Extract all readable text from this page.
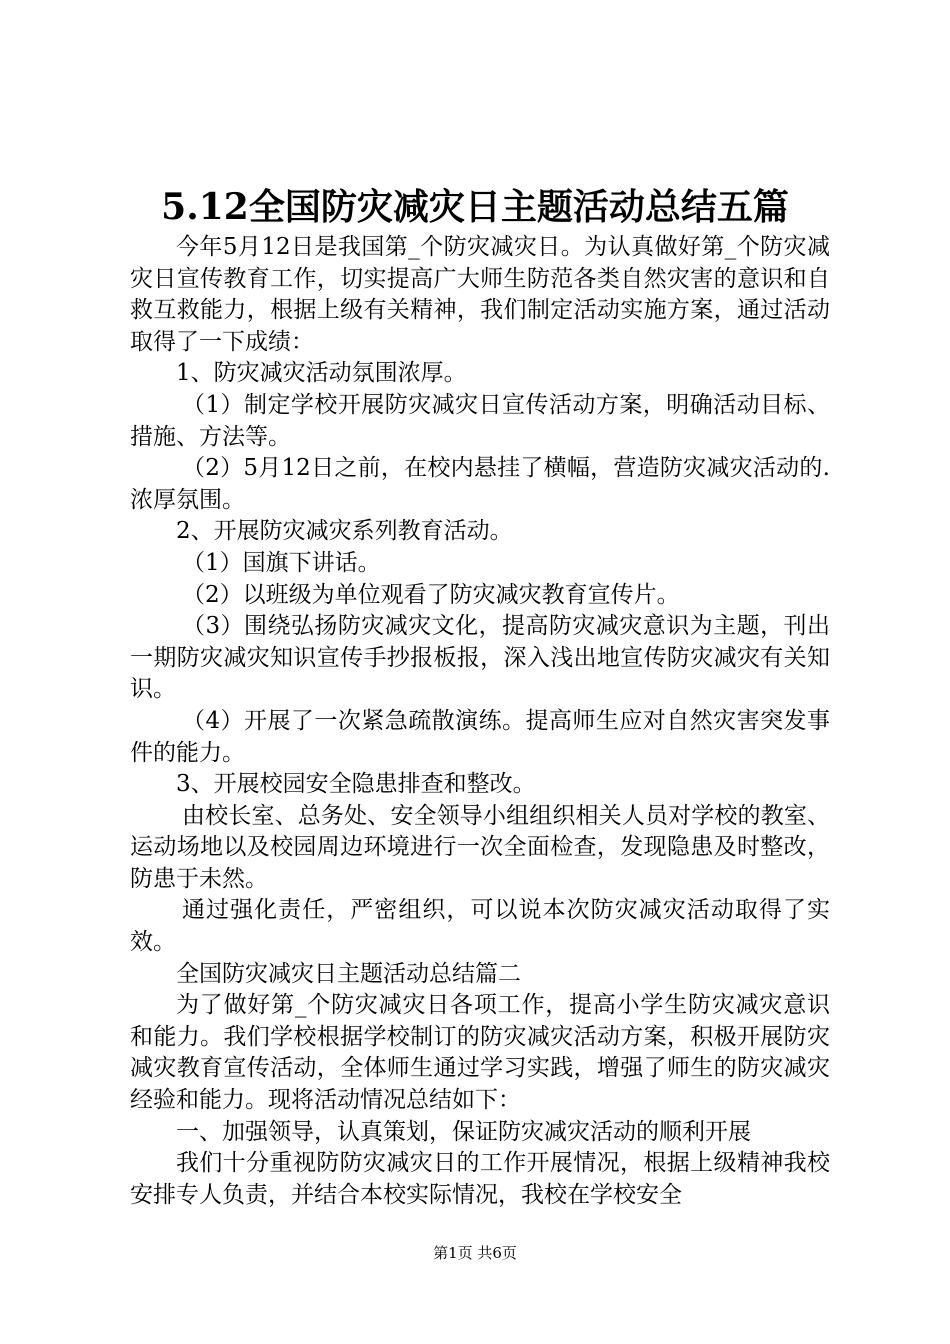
5.12全国防灾减灾日主题活动总结五篇

今年5月12日是我国第_个防灾减灾日。为认真做好第_个防灾减灾日宣传教育工作，切实提高广大师生防范各类自然灾害的意识和自救互救能力，根据上级有关精神，我们制定活动实施方案，通过活动取得了一下成绩：

1、防灾减灾活动氛围浓厚。

（1）制定学校开展防灾减灾日宣传活动方案，明确活动目标、措施、方法等。

（2）5月12日之前，在校内悬挂了横幅，营造防灾减灾活动的.浓厚氛围。

2、开展防灾减灾系列教育活动。

（1）国旗下讲话。

（2）以班级为单位观看了防灾减灾教育宣传片。

（3）围绕弘扬防灾减灾文化，提高防灾减灾意识为主题，刊出一期防灾减灾知识宣传手抄报板报，深入浅出地宣传防灾减灾有关知识。

（4）开展了一次紧急疏散演练。提高师生应对自然灾害突发事件的能力。

3、开展校园安全隐患排查和整改。

由校长室、总务处、安全领导小组组织相关人员对学校的教室、运动场地以及校园周边环境进行一次全面检查，发现隐患及时整改，防患于未然。

通过强化责任，严密组织，可以说本次防灾减灾活动取得了实效。

全国防灾减灾日主题活动总结篇二

为了做好第_个防灾减灾日各项工作，提高小学生防灾减灾意识和能力。我们学校根据学校制订的防灾减灾活动方案，积极开展防灾减灾教育宣传活动，全体师生通过学习实践，增强了师生的防灾减灾经验和能力。现将活动情况总结如下：

一、加强领导，认真策划，保证防灾减灾活动的顺利开展

我们十分重视防防灾减灾日的工作开展情况，根据上级精神我校安排专人负责，并结合本校实际情况，我校在学校安全

第1页 共6页
